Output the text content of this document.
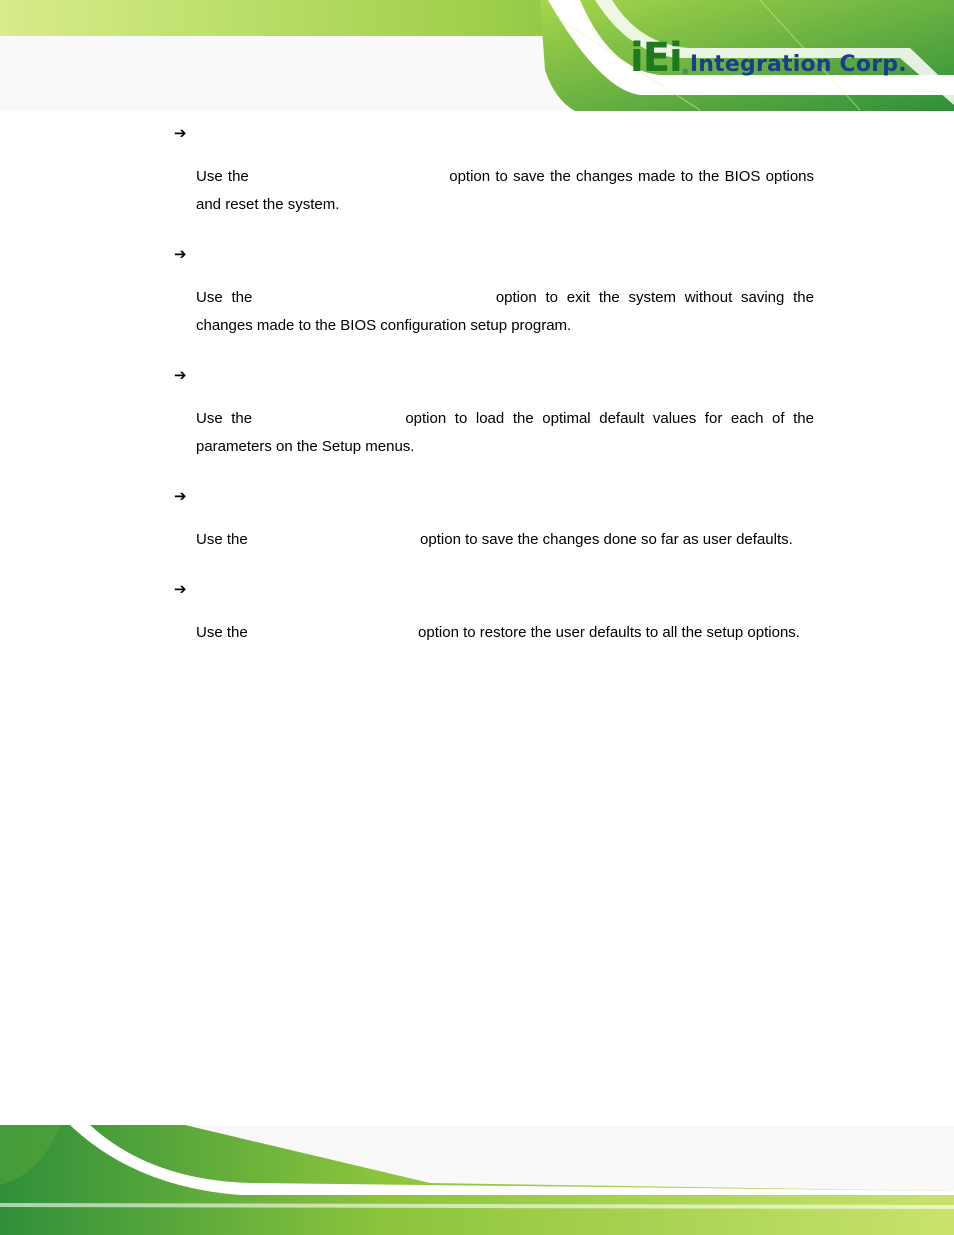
iEi ® Integration Corp.
➔
Use the	option to save the changes made to the BIOS options and reset the system.
➔
Use the	option to exit the system without saving the changes made to the BIOS configuration setup program.
➔
Use the	option to load the optimal default values for each of the parameters on the Setup menus.
➔
Use the	option to save the changes done so far as user defaults.
➔
Use the	option to restore the user defaults to all the setup options.
